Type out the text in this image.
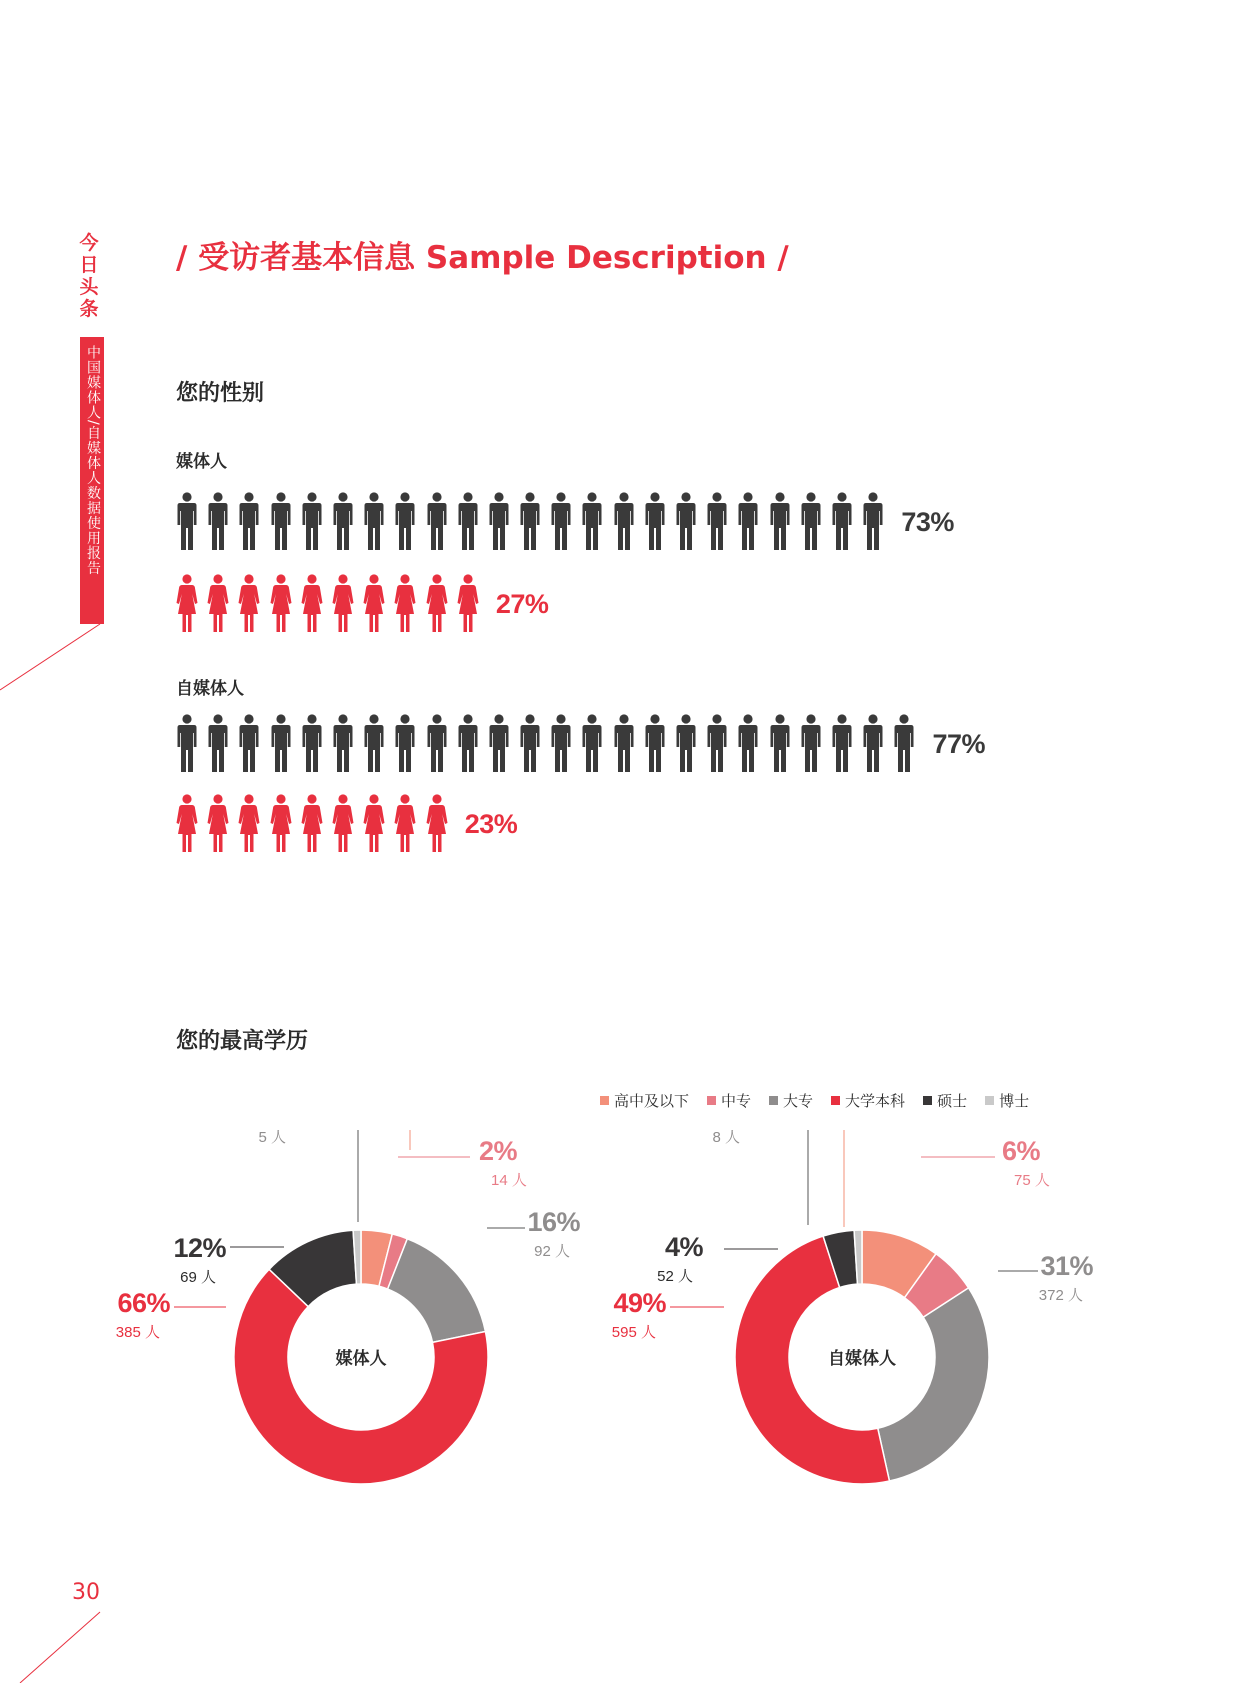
今日头条
中国媒体人/自媒体人数据使用报告
/ 受访者基本信息 Sample Description /
您的性别
媒体人
73%
27%
自媒体人
77%
23%
您的最高学历
高中及以下 中专 大专 大学本科 硕士 博士
媒体人
2%
14 人
16%
92 人
66%
385 人
12%
69 人
5 人
自媒体人
6%
75 人
31%
372 人
49%
595 人
4%
52 人
8 人
30
